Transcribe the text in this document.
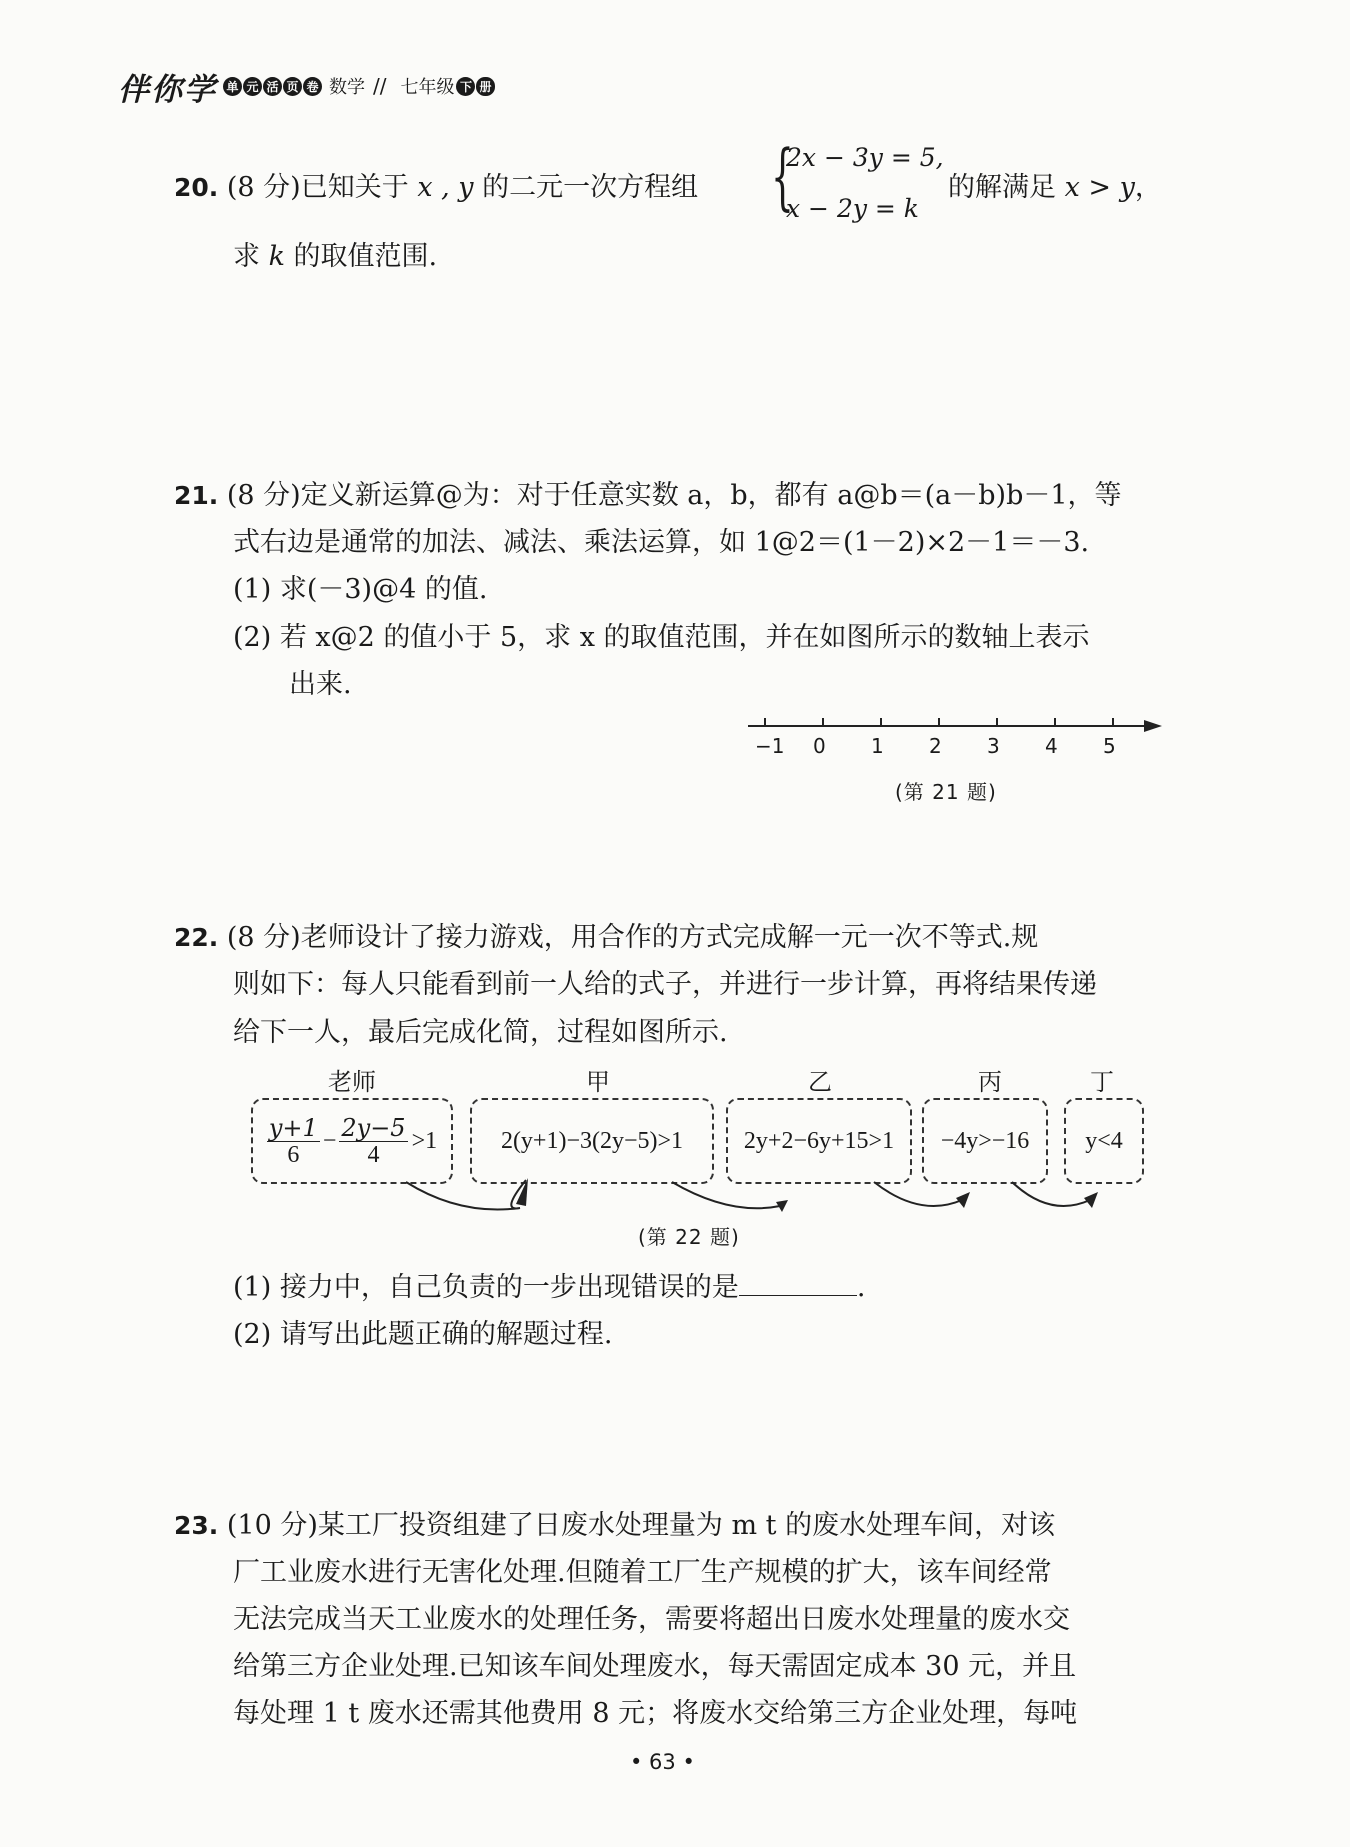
伴你学 单 元 活 页 卷 数学 // 七年级 下 册
20. (8 分)已知关于 x , y 的二元一次方程组 {
2x − 3y = 5,
x − 2y = k
的解满足 x > y，
求 k 的取值范围.
21. (8 分)定义新运算@为：对于任意实数 a，b，都有 a@b＝(a－b)b－1，等
式右边是通常的加法、减法、乘法运算，如 1@2＝(1－2)×2－1＝－3.
(1) 求(－3)@4 的值.
(2) 若 x@2 的值小于 5，求 x 的取值范围，并在如图所示的数轴上表示
出来.
−1 0 1 2 3 4 5
(第 21 题)
22. (8 分)老师设计了接力游戏，用合作的方式完成解一元一次不等式.规
则如下：每人只能看到前一人给的式子，并进行一步计算，再将结果传递
给下一人，最后完成化简，过程如图所示.
老师	甲	乙	丙	丁
$\frac{y+1}{6} - \frac{2y-5}{4} >1$	2(y+1)−3(2y−5)>1	2y+2−6y+15>1	−4y>−16	y<4
(第 22 题)
(1) 接力中，自己负责的一步出现错误的是	.
(2) 请写出此题正确的解题过程.
23. (10 分)某工厂投资组建了日废水处理量为 m t 的废水处理车间，对该
厂工业废水进行无害化处理.但随着工厂生产规模的扩大，该车间经常
无法完成当天工业废水的处理任务，需要将超出日废水处理量的废水交
给第三方企业处理.已知该车间处理废水，每天需固定成本 30 元，并且
每处理 1 t 废水还需其他费用 8 元；将废水交给第三方企业处理，每吨
• 63 •
